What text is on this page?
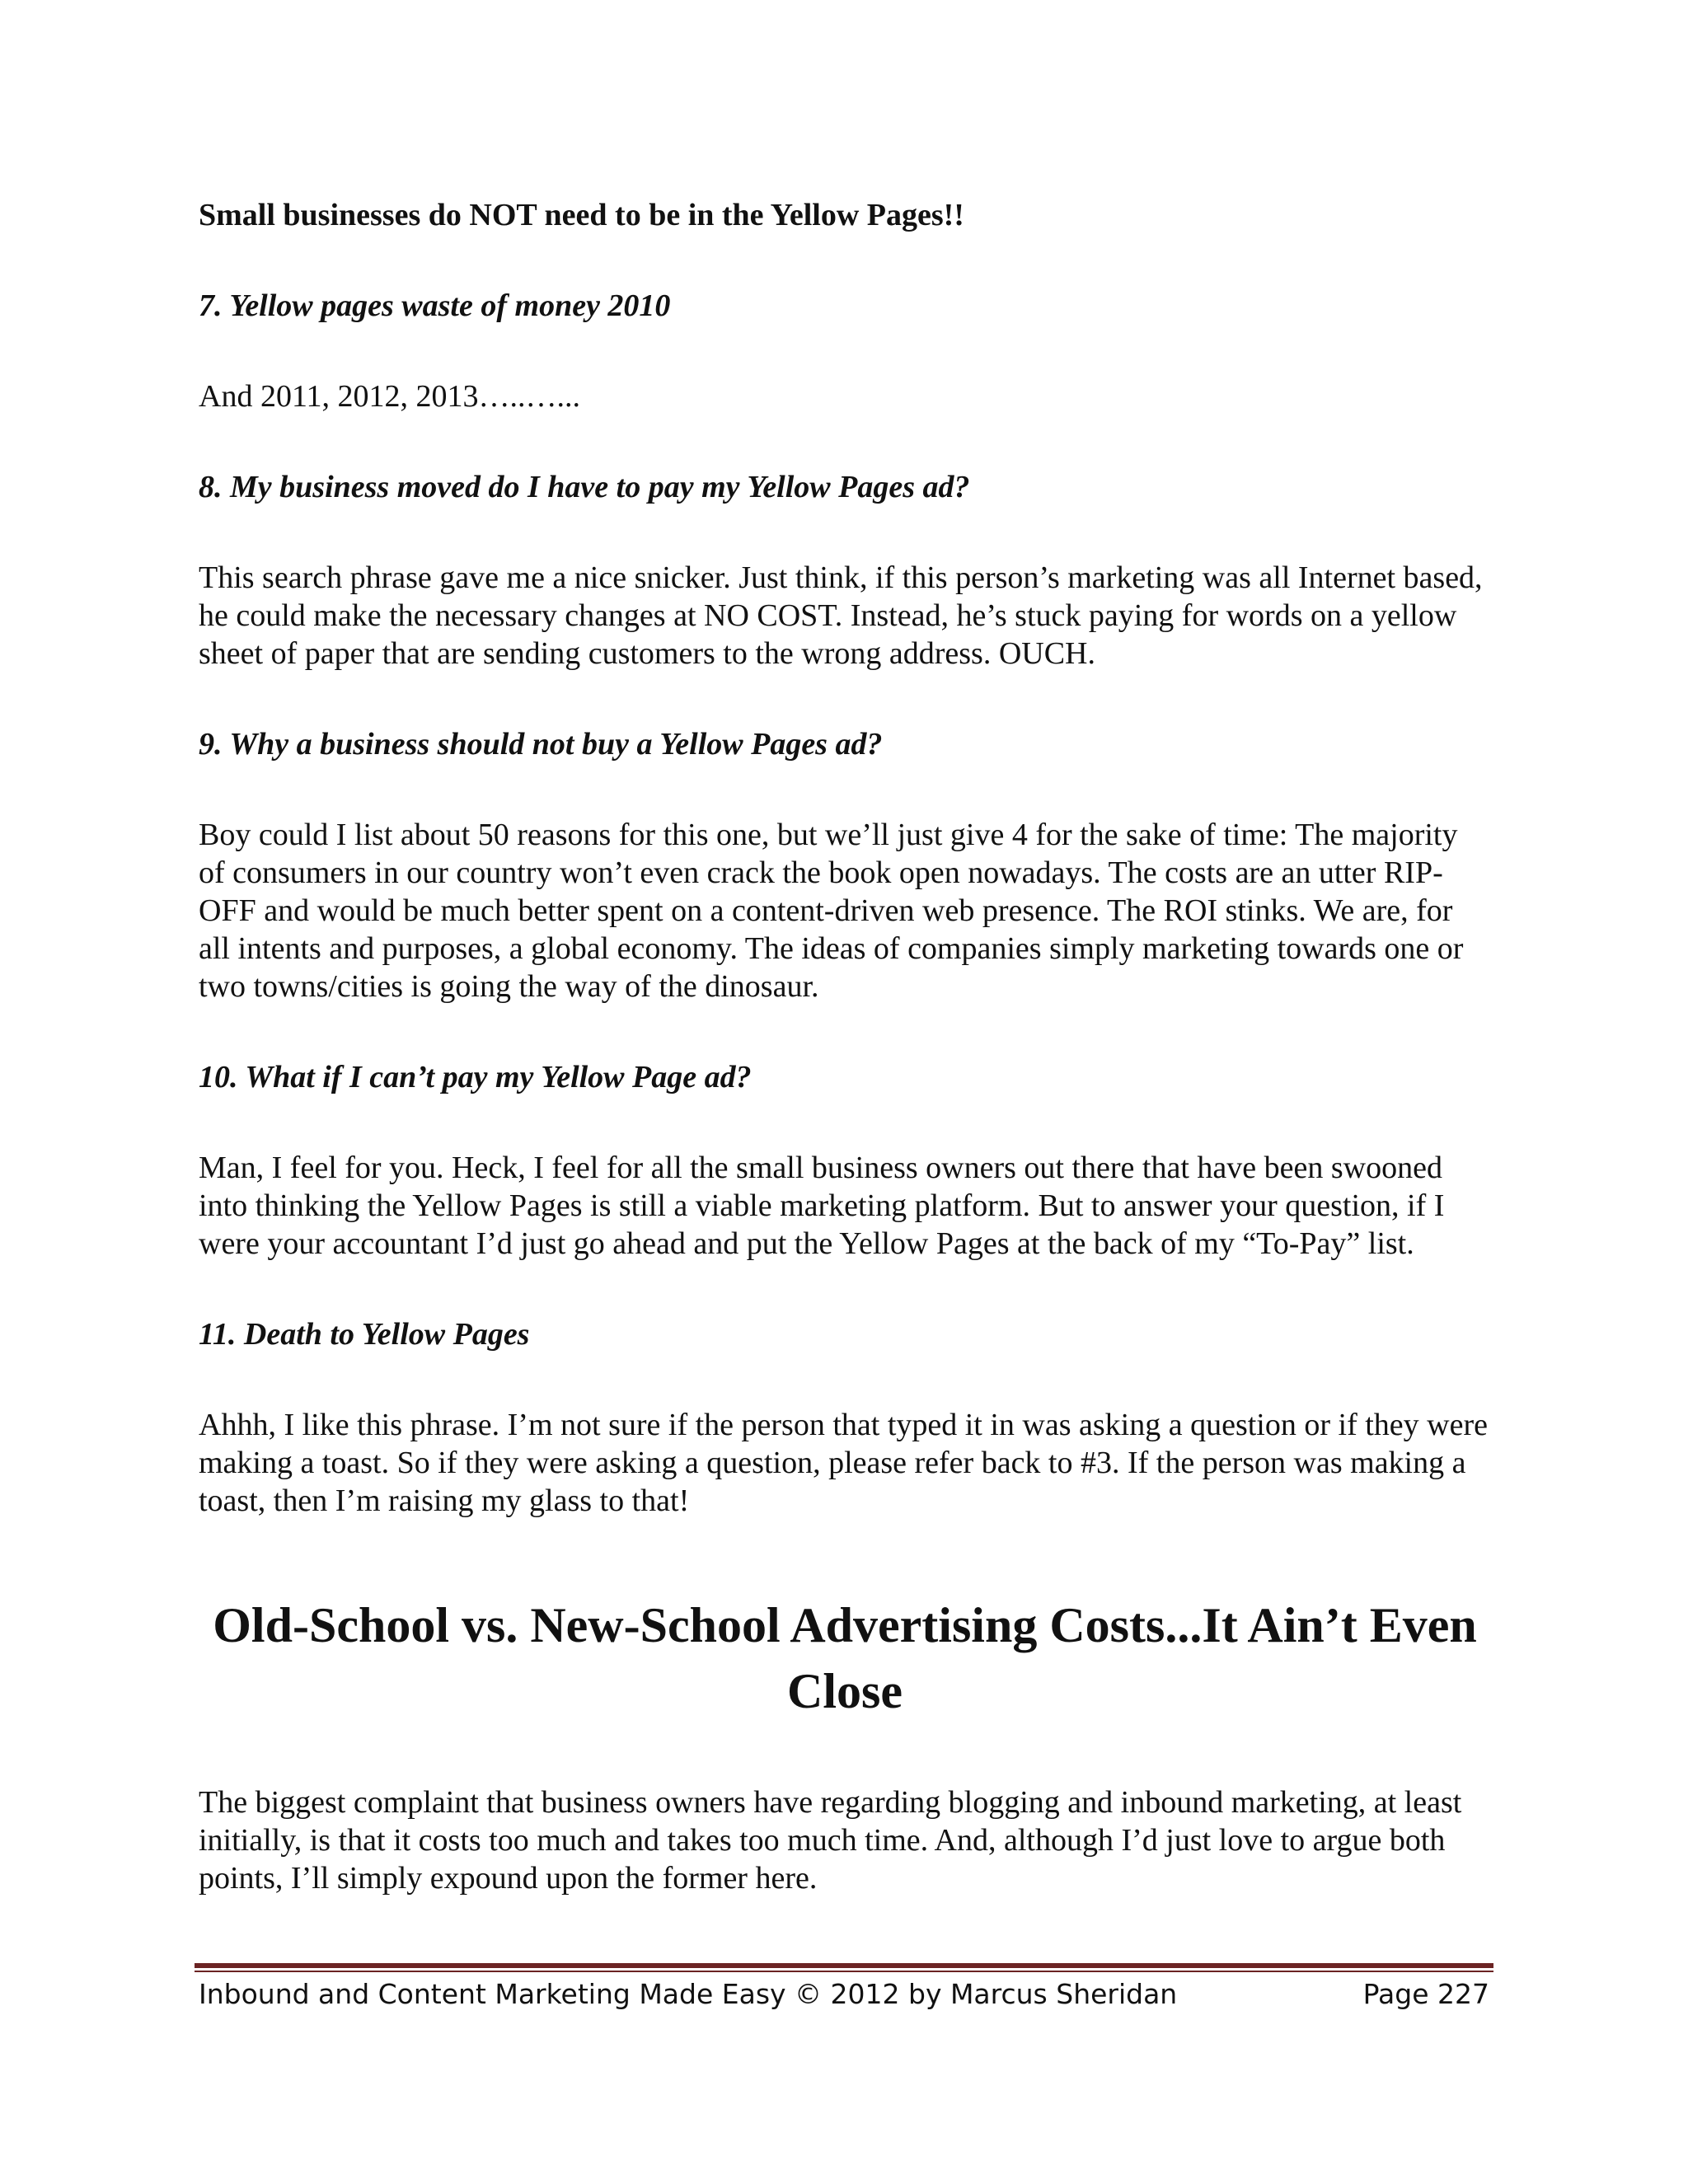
Small businesses do NOT need to be in the Yellow Pages!!

7. Yellow pages waste of money 2010

And 2011, 2012, 2013…..…...

8. My business moved do I have to pay my Yellow Pages ad?

This search phrase gave me a nice snicker. Just think, if this person’s marketing was all Internet based, he could make the necessary changes at NO COST. Instead, he’s stuck paying for words on a yellow sheet of paper that are sending customers to the wrong address. OUCH.

9. Why a business should not buy a Yellow Pages ad?

Boy could I list about 50 reasons for this one, but we’ll just give 4 for the sake of time: The majority of consumers in our country won’t even crack the book open nowadays. The costs are an utter RIP-OFF and would be much better spent on a content-driven web presence. The ROI stinks. We are, for all intents and purposes, a global economy. The ideas of companies simply marketing towards one or two towns/cities is going the way of the dinosaur.

10. What if I can’t pay my Yellow Page ad?

Man, I feel for you. Heck, I feel for all the small business owners out there that have been swooned into thinking the Yellow Pages is still a viable marketing platform. But to answer your question, if I were your accountant I’d just go ahead and put the Yellow Pages at the back of my “To-Pay” list.

11. Death to Yellow Pages

Ahhh, I like this phrase. I’m not sure if the person that typed it in was asking a question or if they were making a toast. So if they were asking a question, please refer back to #3. If the person was making a toast, then I’m raising my glass to that!

Old-School vs. New-School Advertising Costs...It Ain’t Even Close

The biggest complaint that business owners have regarding blogging and inbound marketing, at least initially, is that it costs too much and takes too much time. And, although I’d just love to argue both points, I’ll simply expound upon the former here.

Inbound and Content Marketing Made Easy © 2012 by Marcus Sheridan	Page 227
